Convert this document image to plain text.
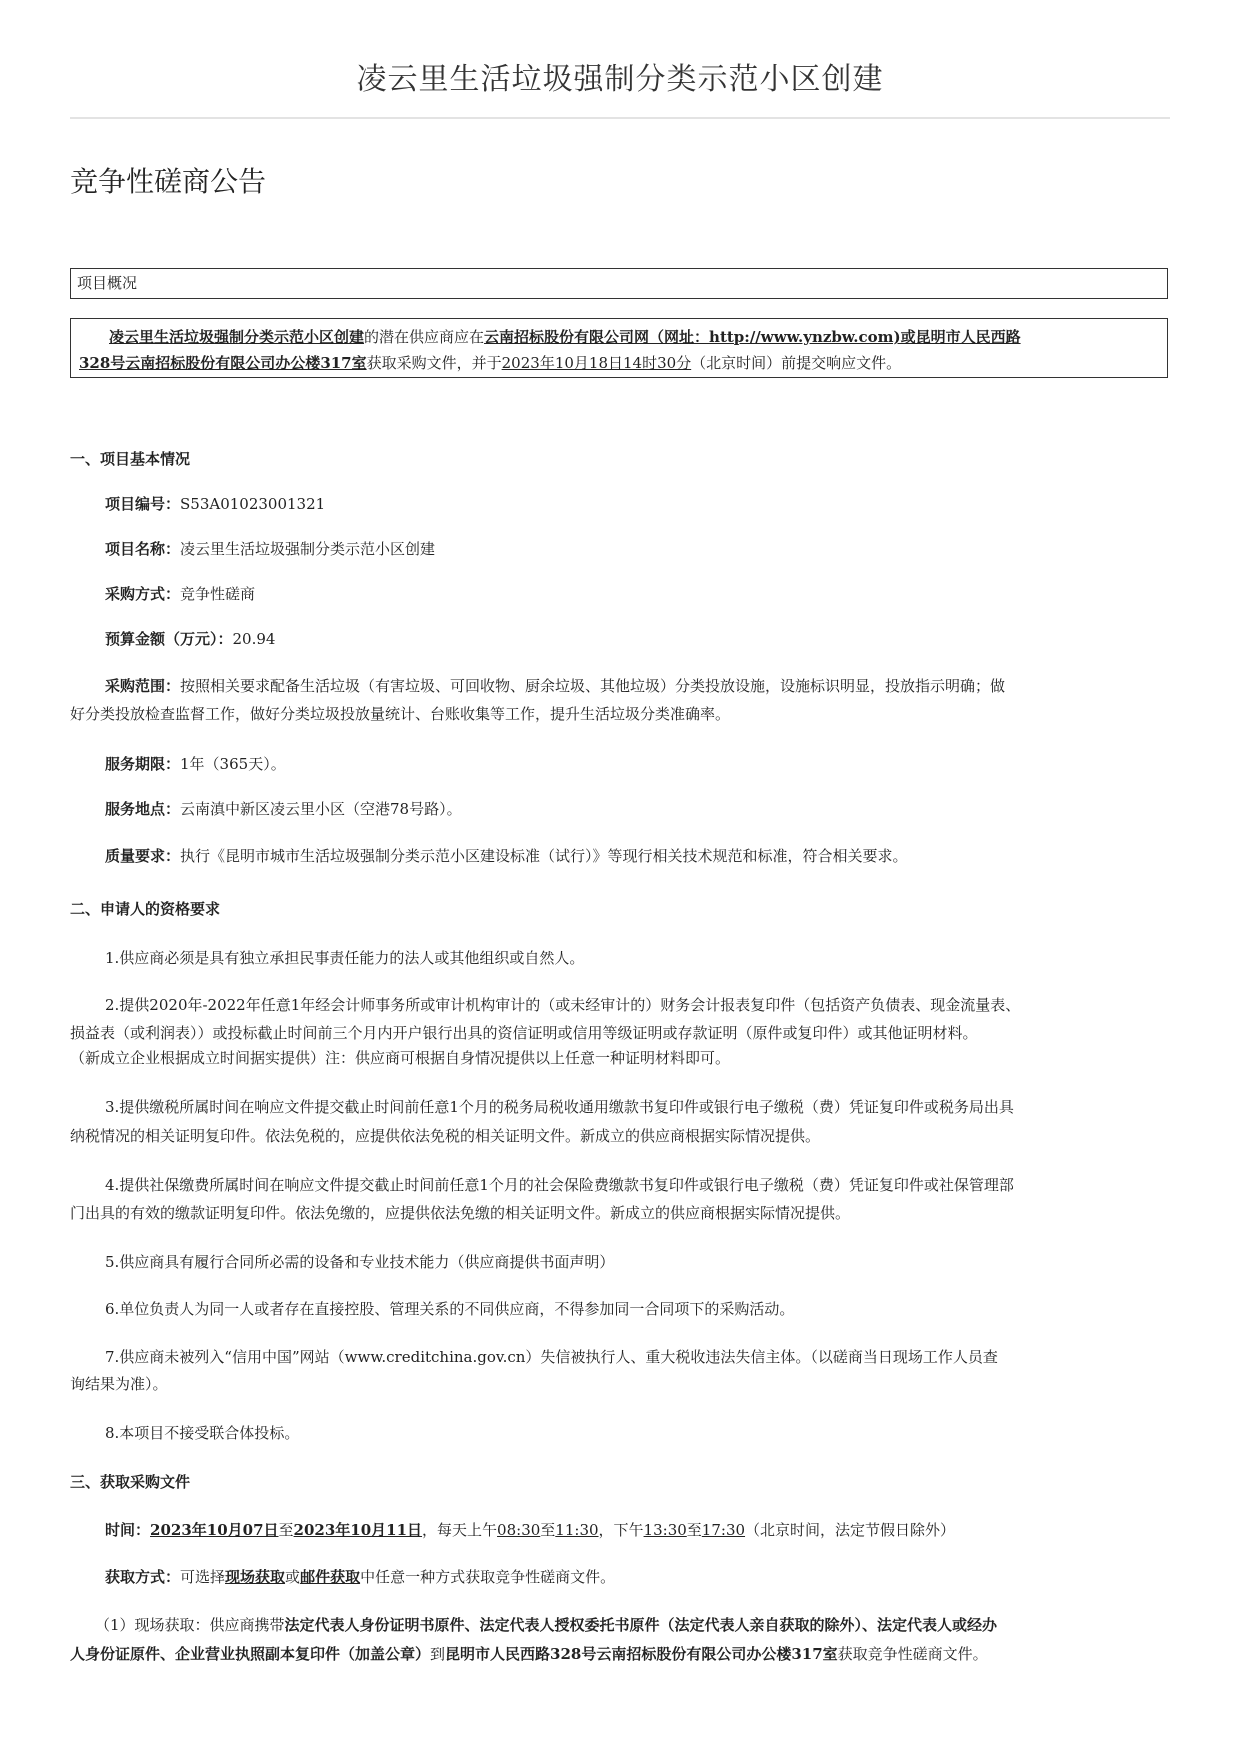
凌云里生活垃圾强制分类示范小区创建
竞争性磋商公告
项目概况
凌云里生活垃圾强制分类示范小区创建的潜在供应商应在云南招标股份有限公司网（网址：http://www.ynzbw.com)或昆明市人民西路
328号云南招标股份有限公司办公楼317室获取采购文件，并于2023年10月18日14时30分（北京时间）前提交响应文件。
一、项目基本情况
项目编号：S53A01023001321
项目名称：凌云里生活垃圾强制分类示范小区创建
采购方式：竞争性磋商
预算金额（万元）：20.94
采购范围：按照相关要求配备生活垃圾（有害垃圾、可回收物、厨余垃圾、其他垃圾）分类投放设施，设施标识明显，投放指示明确；做
好分类投放检查监督工作，做好分类垃圾投放量统计、台账收集等工作，提升生活垃圾分类准确率。
服务期限：1年（365天）。
服务地点：云南滇中新区凌云里小区（空港78号路）。
质量要求：执行《昆明市城市生活垃圾强制分类示范小区建设标准（试行）》等现行相关技术规范和标准，符合相关要求。
二、申请人的资格要求
1.供应商必须是具有独立承担民事责任能力的法人或其他组织或自然人。
2.提供2020年-2022年任意1年经会计师事务所或审计机构审计的（或未经审计的）财务会计报表复印件（包括资产负债表、现金流量表、
损益表（或利润表））或投标截止时间前三个月内开户银行出具的资信证明或信用等级证明或存款证明（原件或复印件）或其他证明材料。
（新成立企业根据成立时间据实提供）注：供应商可根据自身情况提供以上任意一种证明材料即可。
3.提供缴税所属时间在响应文件提交截止时间前任意1个月的税务局税收通用缴款书复印件或银行电子缴税（费）凭证复印件或税务局出具
纳税情况的相关证明复印件。依法免税的，应提供依法免税的相关证明文件。新成立的供应商根据实际情况提供。
4.提供社保缴费所属时间在响应文件提交截止时间前任意1个月的社会保险费缴款书复印件或银行电子缴税（费）凭证复印件或社保管理部
门出具的有效的缴款证明复印件。依法免缴的，应提供依法免缴的相关证明文件。新成立的供应商根据实际情况提供。
5.供应商具有履行合同所必需的设备和专业技术能力（供应商提供书面声明）
6.单位负责人为同一人或者存在直接控股、管理关系的不同供应商，不得参加同一合同项下的采购活动。
7.供应商未被列入“信用中国”网站（www.creditchina.gov.cn）失信被执行人、重大税收违法失信主体。（以磋商当日现场工作人员查
询结果为准）。
8.本项目不接受联合体投标。
三、获取采购文件
时间：2023年10月07日至2023年10月11日，每天上午08:30至11:30，下午13:30至17:30（北京时间，法定节假日除外）
获取方式：可选择现场获取或邮件获取中任意一种方式获取竞争性磋商文件。
（1）现场获取：供应商携带法定代表人身份证明书原件、法定代表人授权委托书原件（法定代表人亲自获取的除外）、法定代表人或经办
人身份证原件、企业营业执照副本复印件（加盖公章）到昆明市人民西路328号云南招标股份有限公司办公楼317室获取竞争性磋商文件。
